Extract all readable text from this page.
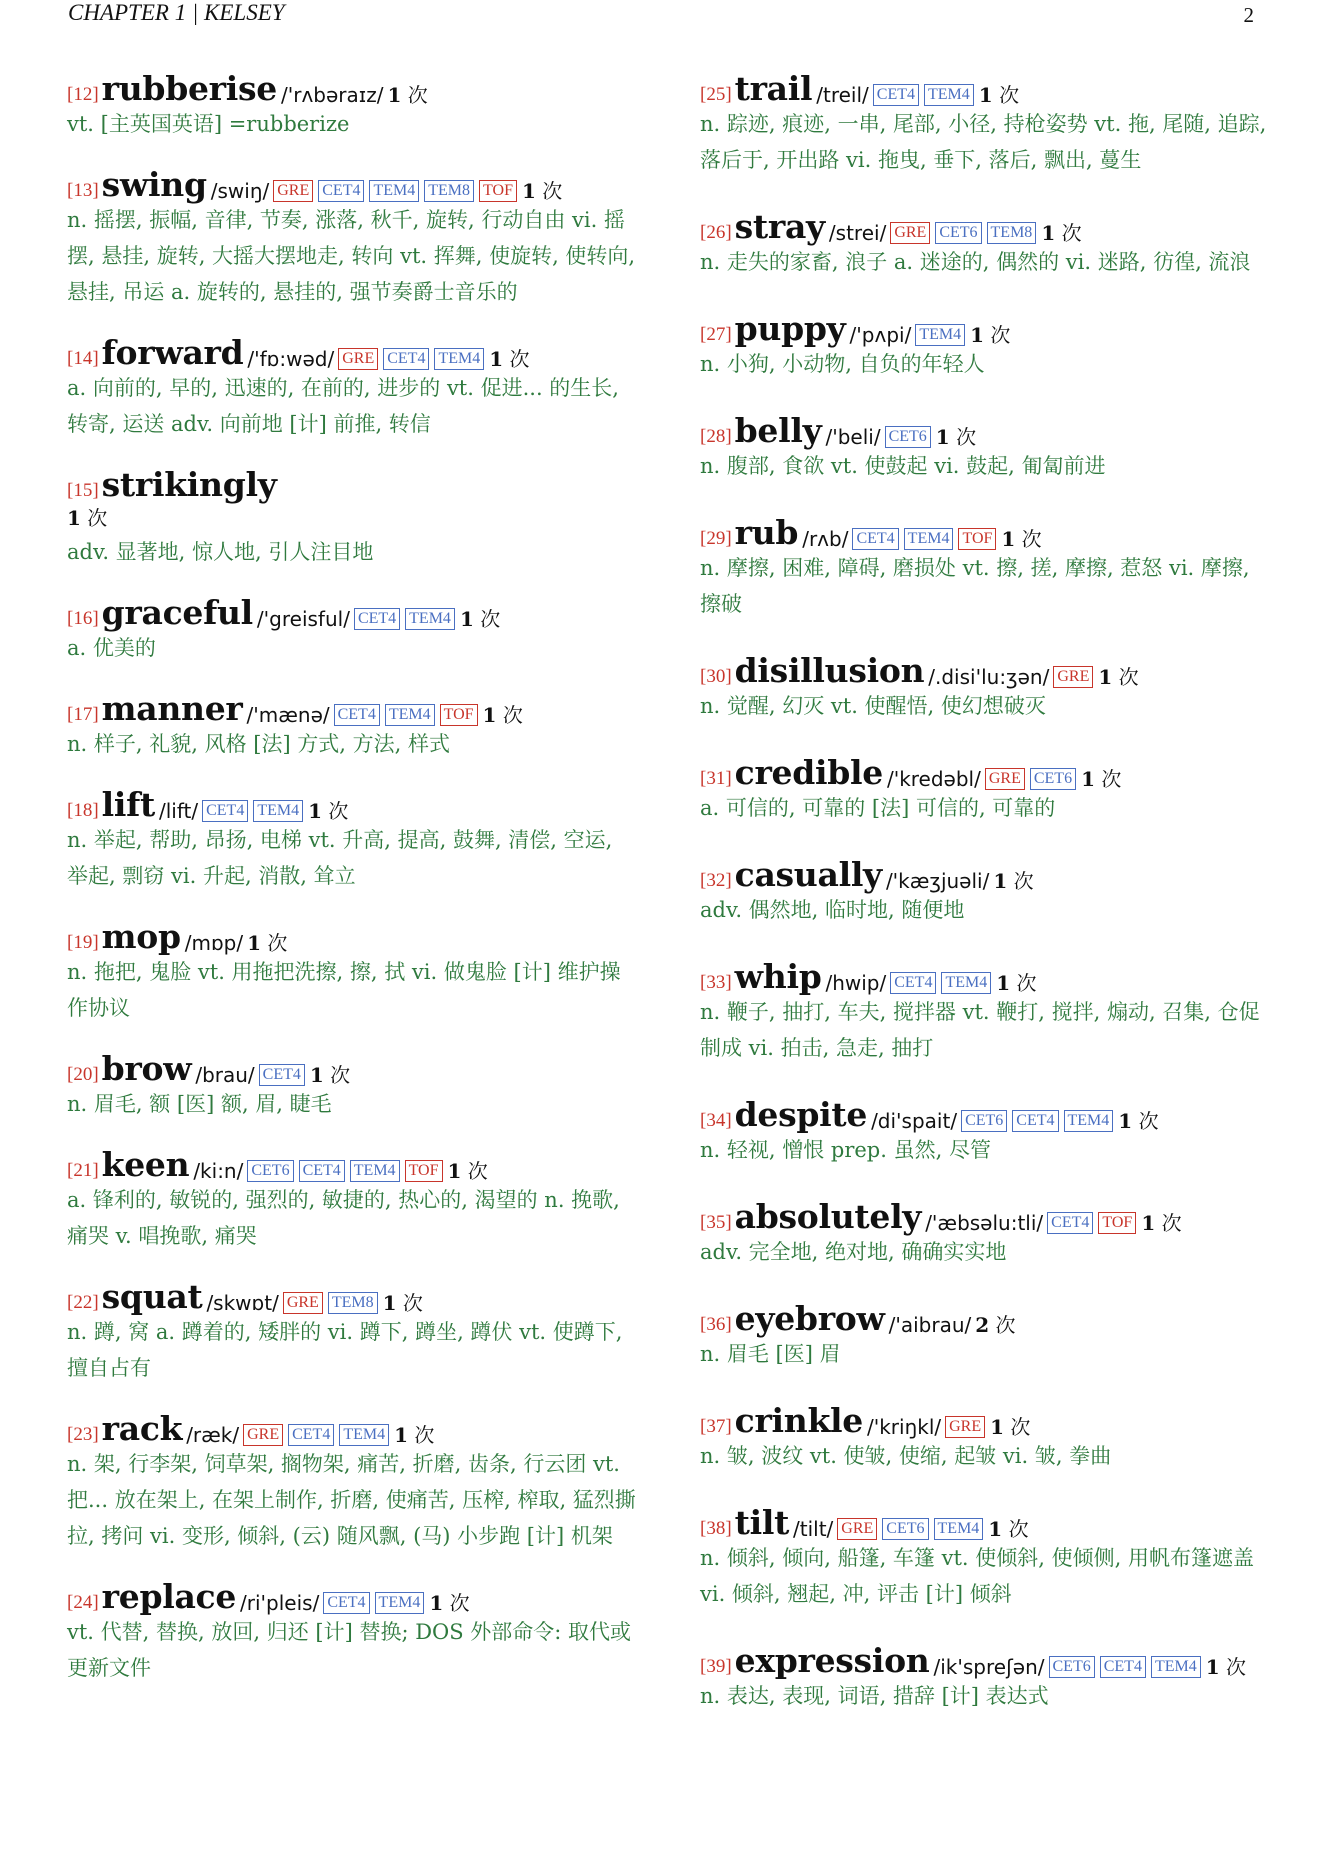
CHAPTER 1 | KELSEY	2
[12] rubberise /'rʌbəraɪz/ 1 次

vt. [主英国英语] =rubberize

[13] swing /swiŋ/ GRE CET4 TEM4 TEM8 TOF 1 次

n. 摇摆, 振幅, 音律, 节奏, 涨落, 秋千, 旋转, 行动自由 vi. 摇摆, 悬挂, 旋转, 大摇大摆地走, 转向 vt. 挥舞, 使旋转, 使转向, 悬挂, 吊运 a. 旋转的, 悬挂的, 强节奏爵士音乐的

[14] forward /'fɒ:wəd/ GRE CET4 TEM4 1 次

a. 向前的, 早的, 迅速的, 在前的, 进步的 vt. 促进... 的生长, 转寄, 运送 adv. 向前地 [计] 前推, 转信

[15] strikingly
1 次

adv. 显著地, 惊人地, 引人注目地

[16] graceful /'greisful/ CET4 TEM4 1 次

a. 优美的

[17] manner /'mænə/ CET4 TEM4 TOF 1 次

n. 样子, 礼貌, 风格 [法] 方式, 方法, 样式

[18] lift /lift/ CET4 TEM4 1 次

n. 举起, 帮助, 昂扬, 电梯 vt. 升高, 提高, 鼓舞, 清偿, 空运, 举起, 剽窃 vi. 升起, 消散, 耸立

[19] mop /mɒp/ 1 次

n. 拖把, 鬼脸 vt. 用拖把洗擦, 擦, 拭 vi. 做鬼脸 [计] 维护操作协议

[20] brow /brau/ CET4 1 次

n. 眉毛, 额 [医] 额, 眉, 睫毛

[21] keen /ki:n/ CET6 CET4 TEM4 TOF 1 次

a. 锋利的, 敏锐的, 强烈的, 敏捷的, 热心的, 渴望的 n. 挽歌, 痛哭 v. 唱挽歌, 痛哭

[22] squat /skwɒt/ GRE TEM8 1 次

n. 蹲, 窝 a. 蹲着的, 矮胖的 vi. 蹲下, 蹲坐, 蹲伏 vt. 使蹲下, 擅自占有

[23] rack /ræk/ GRE CET4 TEM4 1 次

n. 架, 行李架, 饲草架, 搁物架, 痛苦, 折磨, 齿条, 行云团 vt. 把... 放在架上, 在架上制作, 折磨, 使痛苦, 压榨, 榨取, 猛烈撕拉, 拷问 vi. 变形, 倾斜, (云) 随风飘, (马) 小步跑 [计] 机架

[24] replace /ri'pleis/ CET4 TEM4 1 次

vt. 代替, 替换, 放回, 归还 [计] 替换; DOS 外部命令: 取代或更新文件

[25] trail /treil/ CET4 TEM4 1 次

n. 踪迹, 痕迹, 一串, 尾部, 小径, 持枪姿势 vt. 拖, 尾随, 追踪, 落后于, 开出路 vi. 拖曳, 垂下, 落后, 飘出, 蔓生

[26] stray /strei/ GRE CET6 TEM8 1 次

n. 走失的家畜, 浪子 a. 迷途的, 偶然的 vi. 迷路, 彷徨, 流浪

[27] puppy /'pʌpi/ TEM4 1 次

n. 小狗, 小动物, 自负的年轻人

[28] belly /'beli/ CET6 1 次

n. 腹部, 食欲 vt. 使鼓起 vi. 鼓起, 匍匐前进

[29] rub /rʌb/ CET4 TEM4 TOF 1 次

n. 摩擦, 困难, 障碍, 磨损处 vt. 擦, 搓, 摩擦, 惹怒 vi. 摩擦, 擦破

[30] disillusion /.disi'lu:ʒən/ GRE 1 次

n. 觉醒, 幻灭 vt. 使醒悟, 使幻想破灭

[31] credible /'kredəbl/ GRE CET6 1 次

a. 可信的, 可靠的 [法] 可信的, 可靠的

[32] casually /'kæʒjuəli/ 1 次

adv. 偶然地, 临时地, 随便地

[33] whip /hwip/ CET4 TEM4 1 次

n. 鞭子, 抽打, 车夫, 搅拌器 vt. 鞭打, 搅拌, 煽动, 召集, 仓促制成 vi. 拍击, 急走, 抽打

[34] despite /di'spait/ CET6 CET4 TEM4 1 次

n. 轻视, 憎恨 prep. 虽然, 尽管

[35] absolutely /'æbsəlu:tli/ CET4 TOF 1 次

adv. 完全地, 绝对地, 确确实实地

[36] eyebrow /'aibrau/ 2 次

n. 眉毛 [医] 眉

[37] crinkle /'kriŋkl/ GRE 1 次

n. 皱, 波纹 vt. 使皱, 使缩, 起皱 vi. 皱, 拳曲

[38] tilt /tilt/ GRE CET6 TEM4 1 次

n. 倾斜, 倾向, 船篷, 车篷 vt. 使倾斜, 使倾侧, 用帆布篷遮盖 vi. 倾斜, 翘起, 冲, 评击 [计] 倾斜

[39] expression /ik'spreʃən/ CET6 CET4 TEM4 1 次

n. 表达, 表现, 词语, 措辞 [计] 表达式
